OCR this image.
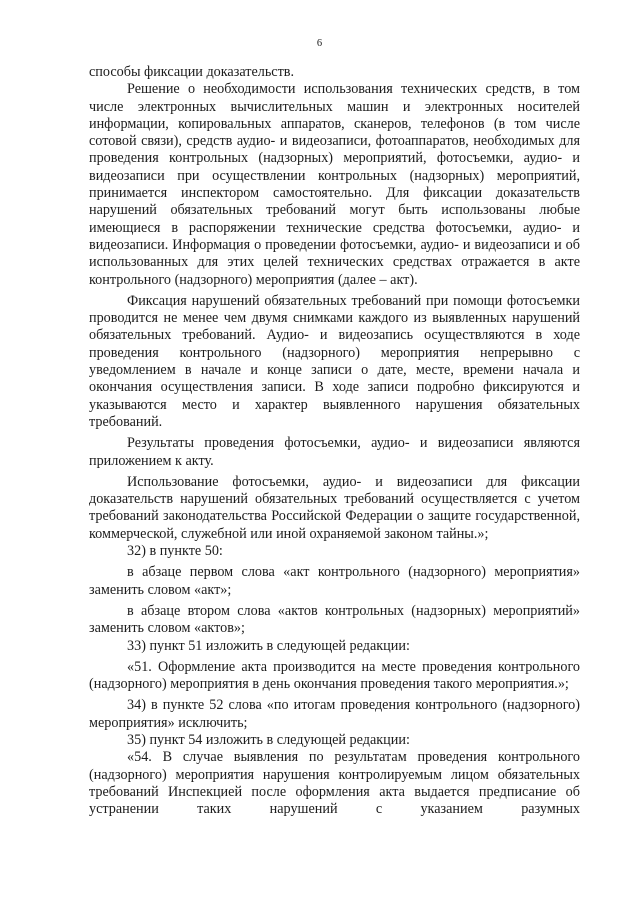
6

способы фиксации доказательств.

Решение о необходимости использования технических средств, в том числе электронных вычислительных машин и электронных носителей информации, копировальных аппаратов, сканеров, телефонов (в том числе сотовой связи), средств аудио- и видеозаписи, фотоаппаратов, необходимых для проведения контрольных (надзорных) мероприятий, фотосъемки, аудио- и видеозаписи при осуществлении контрольных (надзорных) мероприятий, принимается инспектором самостоятельно. Для фиксации доказательств нарушений обязательных требований могут быть использованы любые имеющиеся в распоряжении технические средства фотосъемки, аудио- и видеозаписи. Информация о проведении фотосъемки, аудио- и видеозаписи и об использованных для этих целей технических средствах отражается в акте контрольного (надзорного) мероприятия (далее – акт).

Фиксация нарушений обязательных требований при помощи фотосъемки проводится не менее чем двумя снимками каждого из выявленных нарушений обязательных требований. Аудио- и видеозапись осуществляются в ходе проведения контрольного (надзорного) мероприятия непрерывно с уведомлением в начале и конце записи о дате, месте, времени начала и окончания осуществления записи. В ходе записи подробно фиксируются и указываются место и характер выявленного нарушения обязательных требований.

Результаты проведения фотосъемки, аудио- и видеозаписи являются приложением к акту.

Использование фотосъемки, аудио- и видеозаписи для фиксации доказательств нарушений обязательных требований осуществляется с учетом требований законодательства Российской Федерации о защите государственной, коммерческой, служебной или иной охраняемой законом тайны.»;

32) в пункте 50:

в абзаце первом слова «акт контрольного (надзорного) мероприятия» заменить словом «акт»;

в абзаце втором слова «актов контрольных (надзорных) мероприятий» заменить словом «актов»;

33) пункт 51 изложить в следующей редакции:

«51. Оформление акта производится на месте проведения контрольного (надзорного) мероприятия в день окончания проведения такого мероприятия.»;

34) в пункте 52 слова «по итогам проведения контрольного (надзорного) мероприятия» исключить;

35) пункт 54 изложить в следующей редакции:

«54. В случае выявления по результатам проведения контрольного (надзорного) мероприятия нарушения контролируемым лицом обязательных требований Инспекцией после оформления акта выдается предписание об устранении таких нарушений с указанием разумных
